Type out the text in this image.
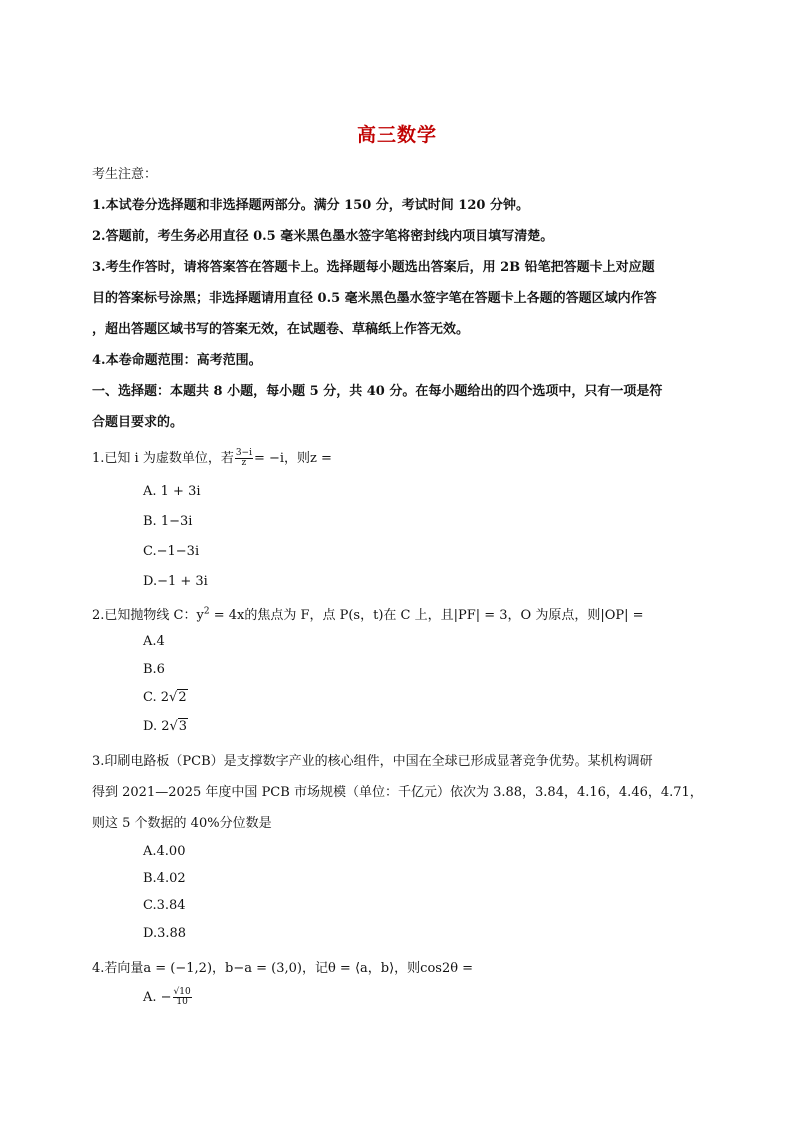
高三数学
考生注意：
1.本试卷分选择题和非选择题两部分。满分 150 分，考试时间 120 分钟。
2.答题前，考生务必用直径 0.5 毫米黑色墨水签字笔将密封线内项目填写清楚。
3.考生作答时，请将答案答在答题卡上。选择题每小题选出答案后，用 2B 铅笔把答题卡上对应题
目的答案标号涂黑；非选择题请用直径 0.5 毫米黑色墨水签字笔在答题卡上各题的答题区域内作答
，超出答题区域书写的答案无效，在试题卷、草稿纸上作答无效。
4.本卷命题范围：高考范围。
一、选择题：本题共 8 小题，每小题 5 分，共 40 分。在每小题给出的四个选项中，只有一项是符
合题目要求的。
1.已知 i 为虚数单位，若 $\frac{3-i}{z} = -i$，则z =
A. 1 + 3i
B. 1−3i
C.−1−3i
D.−1 + 3i
2.已知抛物线 C：$y^2 = 4x$的焦点为 F，点 P(s，t)在 C 上，且|PF| = 3，O 为原点，则|OP| =
A.4
B.6
C. 2√2
D. 2√3
3.印刷电路板（PCB）是支撑数字产业的核心组件，中国在全球已形成显著竞争优势。某机构调研
得到 2021—2025 年度中国 PCB 市场规模（单位：千亿元）依次为 3.88，3.84，4.16，4.46，4.71，
则这 5 个数据的 40%分位数是
A.4.00
B.4.02
C.3.84
D.3.88
4.若向量a = (−1,2)，b−a = (3,0)，记θ = ⟨a，b⟩，则cos2θ =
A. − $\frac{√10}{10}$
